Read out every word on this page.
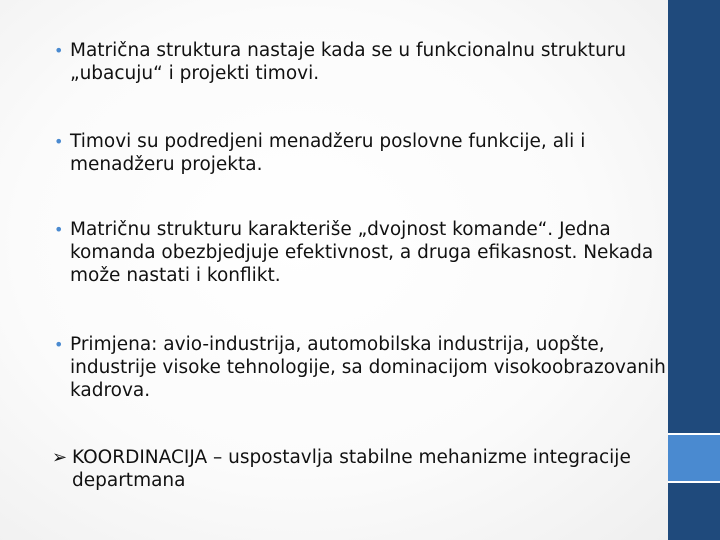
• Matrična struktura nastaje kada se u funkcionalnu strukturu „ubacuju“ i projekti timovi.
• Timovi su podredjeni menadžeru poslovne funkcije, ali i menadžeru projekta.
• Matričnu strukturu karakteriše „dvojnost komande“. Jedna komanda obezbjedjuje efektivnost, a druga efikasnost. Nekada može nastati i konflikt.
• Primjena: avio-industrija, automobilska industrija, uopšte, industrije visoke tehnologije, sa dominacijom visokoobrazovanih kadrova.
➢ KOORDINACIJA – uspostavlja stabilne mehanizme integracije departmana
